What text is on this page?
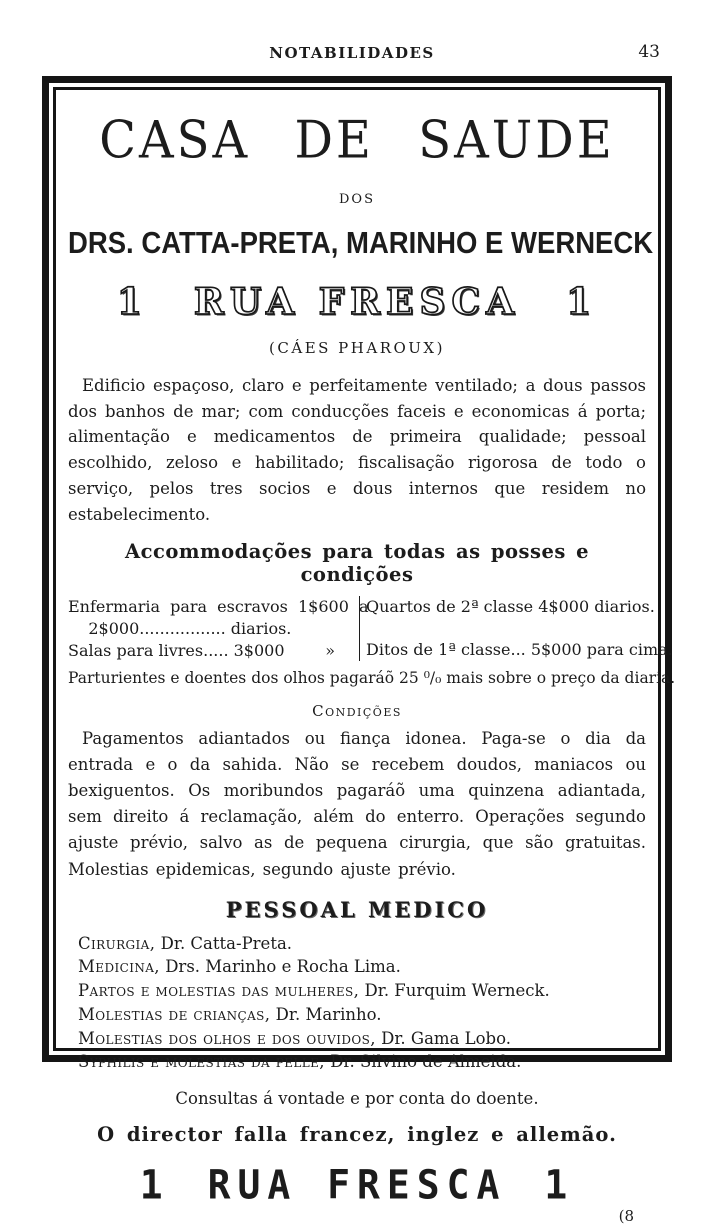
NOTABILIDADES	43
CASA DE SAUDE
DOS
DRS. CATTA-PRETA, MARINHO E WERNECK
1 RUA FRESCA 1
(CÁES PHAROUX)

Edificio espaçoso, claro e perfeitamente ventilado; a dous passos dos banhos de mar; com conducções faceis e economicas á porta; alimentação e medicamentos de primeira qualidade; pessoal escolhido, zeloso e habilitado; fiscalisação rigorosa de todo o serviço, pelos tres socios e dous internos que residem no estabelecimento.

Accommodações para todas as posses e condições
Enfermaria para escravos 1$600 a
2$000................. diarios.
Salas para livres..... 3$000        »
Quartos de 2ª classe 4$000 diarios.
Ditos de 1ª classe... 5$000 para cima.
Parturientes e doentes dos olhos pagaráõ 25 ⁰/₀ mais sobre o preço da diaria.
Condições

Pagamentos adiantados ou fiança idonea. Paga-se o dia da entrada e o da sahida. Não se recebem doudos, maniacos ou bexiguentos. Os moribundos pagaráõ uma quinzena adiantada, sem direito á reclamação, além do enterro. Operações segundo ajuste prévio, salvo as de pequena cirurgia, que são gratuitas. Molestias epidemicas, segundo ajuste prévio.

PESSOAL MEDICO
Cirurgia, Dr. Catta-Preta.
Medicina, Drs. Marinho e Rocha Lima.
Partos e molestias das mulheres, Dr. Furquim Werneck.
Molestias de crianças, Dr. Marinho.
Molestias dos olhos e dos ouvidos, Dr. Gama Lobo.
Syphilis e molestias da pelle, Dr. Silvino de Almeida.
Consultas á vontade e por conta do doente.
O director falla francez, inglez e allemão.
1 RUA FRESCA 1
(8
